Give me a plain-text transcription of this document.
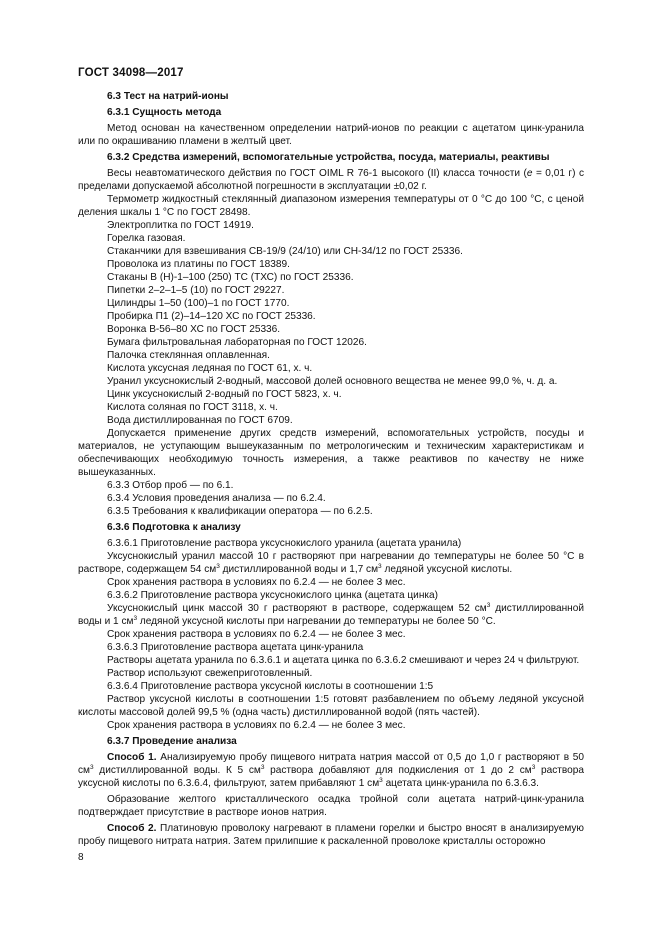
ГОСТ 34098—2017

6.3 Тест на натрий-ионы

6.3.1 Сущность метода

Метод основан на качественном определении натрий-ионов по реакции с ацетатом цинк-уранила или по окрашиванию пламени в желтый цвет.

6.3.2 Средства измерений, вспомогательные устройства, посуда, материалы, реактивы

Весы неавтоматического действия по ГОСТ OIML R 76-1 высокого (II) класса точности (e = 0,01 г) с пределами допускаемой абсолютной погрешности в эксплуатации ±0,02 г.

Термометр жидкостный стеклянный диапазоном измерения температуры от 0 °С до 100 °С, с ценой деления шкалы 1 °С по ГОСТ 28498.

Электроплитка по ГОСТ 14919.

Горелка газовая.

Стаканчики для взвешивания СВ-19/9 (24/10) или СН-34/12 по ГОСТ 25336.

Проволока из платины по ГОСТ 18389.

Стаканы В (Н)-1–100 (250) ТС (ТХС) по ГОСТ 25336.

Пипетки 2–2–1–5 (10) по ГОСТ 29227.

Цилиндры 1–50 (100)–1 по ГОСТ 1770.

Пробирка П1 (2)–14–120 ХС по ГОСТ 25336.

Воронка В-56–80 ХС по ГОСТ 25336.

Бумага фильтровальная лабораторная по ГОСТ 12026.

Палочка стеклянная оплавленная.

Кислота уксусная ледяная по ГОСТ 61, х. ч.

Уранил уксуснокислый 2-водный, массовой долей основного вещества не менее 99,0 %, ч. д. а.

Цинк уксуснокислый 2-водный по ГОСТ 5823, х. ч.

Кислота соляная по ГОСТ 3118, х. ч.

Вода дистиллированная по ГОСТ 6709.

Допускается применение других средств измерений, вспомогательных устройств, посуды и материалов, не уступающим вышеуказанным по метрологическим и техническим характеристикам и обеспечивающих необходимую точность измерения, а также реактивов по качеству не ниже вышеуказанных.

6.3.3 Отбор проб — по 6.1.

6.3.4 Условия проведения анализа — по 6.2.4.

6.3.5 Требования к квалификации оператора — по 6.2.5.

6.3.6 Подготовка к анализу

6.3.6.1 Приготовление раствора уксуснокислого уранила (ацетата уранила)

Уксуснокислый уранил массой 10 г растворяют при нагревании до температуры не более 50 °С в растворе, содержащем 54 $см^3$ дистиллированной воды и 1,7 $см^3$ ледяной уксусной кислоты.

Срок хранения раствора в условиях по 6.2.4 — не более 3 мес.

6.3.6.2 Приготовление раствора уксуснокислого цинка (ацетата цинка)

Уксуснокислый цинк массой 30 г растворяют в растворе, содержащем 52 $см^3$ дистиллированной воды и 1 $см^3$ ледяной уксусной кислоты при нагревании до температуры не более 50 °С.

Срок хранения раствора в условиях по 6.2.4 — не более 3 мес.

6.3.6.3 Приготовление раствора ацетата цинк-уранила

Растворы ацетата уранила по 6.3.6.1 и ацетата цинка по 6.3.6.2 смешивают и через 24 ч фильтруют.

Раствор используют свежеприготовленный.

6.3.6.4 Приготовление раствора уксусной кислоты в соотношении 1:5

Раствор уксусной кислоты в соотношении 1:5 готовят разбавлением по объему ледяной уксусной кислоты массовой долей 99,5 % (одна часть) дистиллированной водой (пять частей).

Срок хранения раствора в условиях по 6.2.4 — не более 3 мес.

6.3.7 Проведение анализа

Способ 1. Анализируемую пробу пищевого нитрата натрия массой от 0,5 до 1,0 г растворяют в 50 $см^3$ дистиллированной воды. К 5 $см^3$ раствора добавляют для подкисления от 1 до 2 $см^3$ раствора уксусной кислоты по 6.3.6.4, фильтруют, затем прибавляют 1 $см^3$ ацетата цинк-уранила по 6.3.6.3.

Образование желтого кристаллического осадка тройной соли ацетата натрий-цинк-уранила подтверждает присутствие в растворе ионов натрия.

Способ 2. Платиновую проволоку нагревают в пламени горелки и быстро вносят в анализируемую пробу пищевого нитрата натрия. Затем прилипшие к раскаленной проволоке кристаллы осторожно

8
